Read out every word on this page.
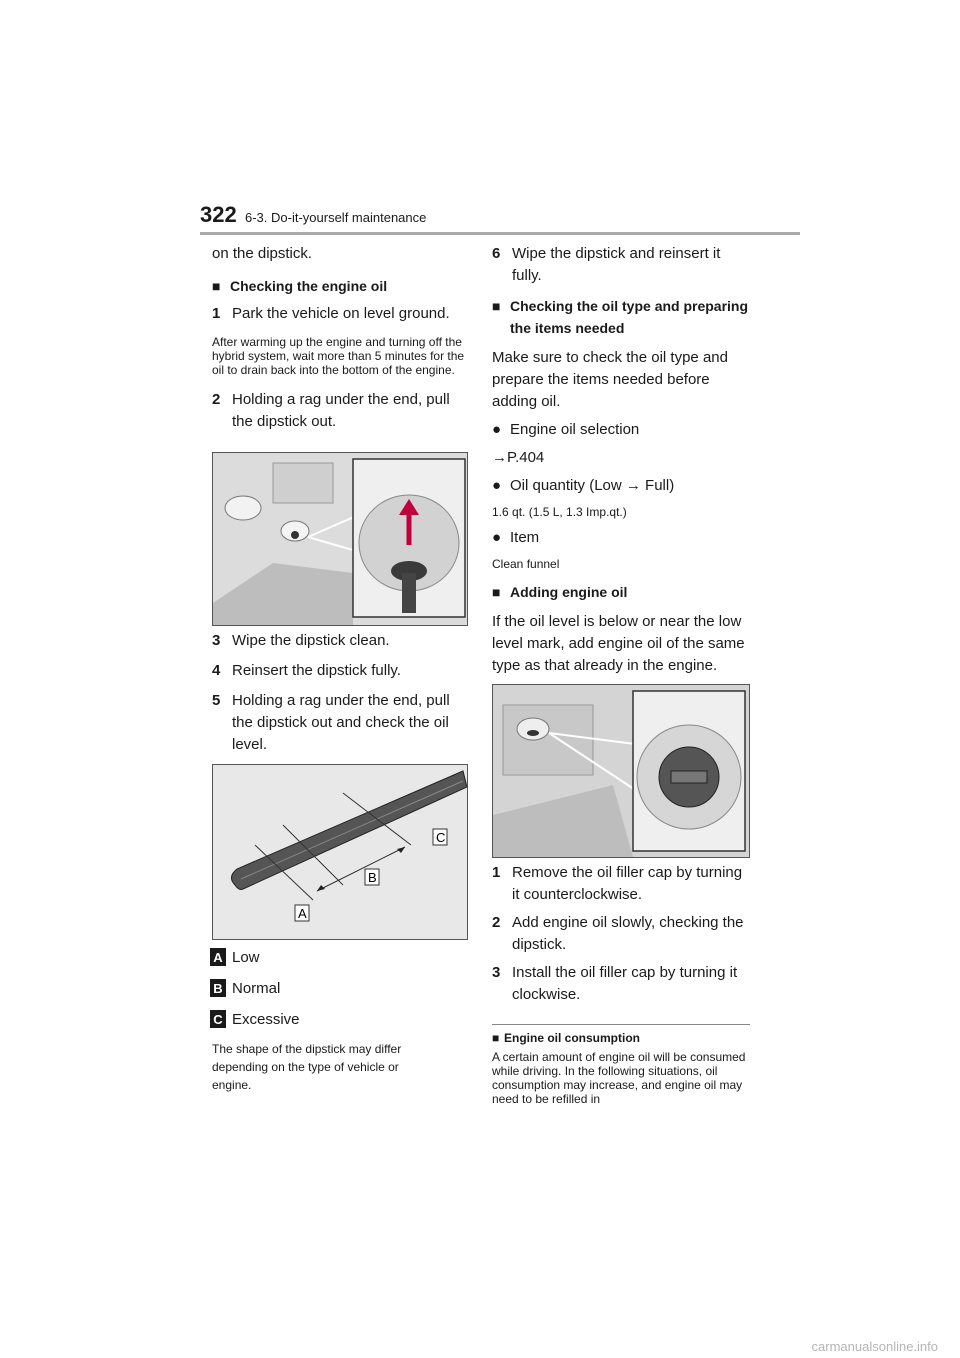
322 6-3. Do-it-yourself maintenance

on the dipstick.

■ Checking the engine oil
1 Park the vehicle on level ground.

After warming up the engine and turning off the hybrid system, wait more than 5 minutes for the oil to drain back into the bottom of the engine.

2 Holding a rag under the end, pull the dipstick out.
3 Wipe the dipstick clean.
4 Reinsert the dipstick fully.
5 Holding a rag under the end, pull the dipstick out and check the oil level.
A
B
C
A Low
B Normal
C Excessive

The shape of the dipstick may differ depending on the type of vehicle or engine.

6 Wipe the dipstick and reinsert it fully.
■ Checking the oil type and preparing the items needed

Make sure to check the oil type and prepare the items needed before adding oil.

● Engine oil selection

→P.404

● Oil quantity (Low → Full)

1.6 qt. (1.5 L, 1.3 Imp.qt.)

● Item

Clean funnel

■ Adding engine oil

If the oil level is below or near the low level mark, add engine oil of the same type as that already in the engine.

1 Remove the oil filler cap by turning it counterclockwise.
2 Add engine oil slowly, checking the dipstick.
3 Install the oil filler cap by turning it clockwise.
■ Engine oil consumption

A certain amount of engine oil will be consumed while driving. In the following situations, oil consumption may increase, and engine oil may need to be refilled in

carmanualsonline.info
